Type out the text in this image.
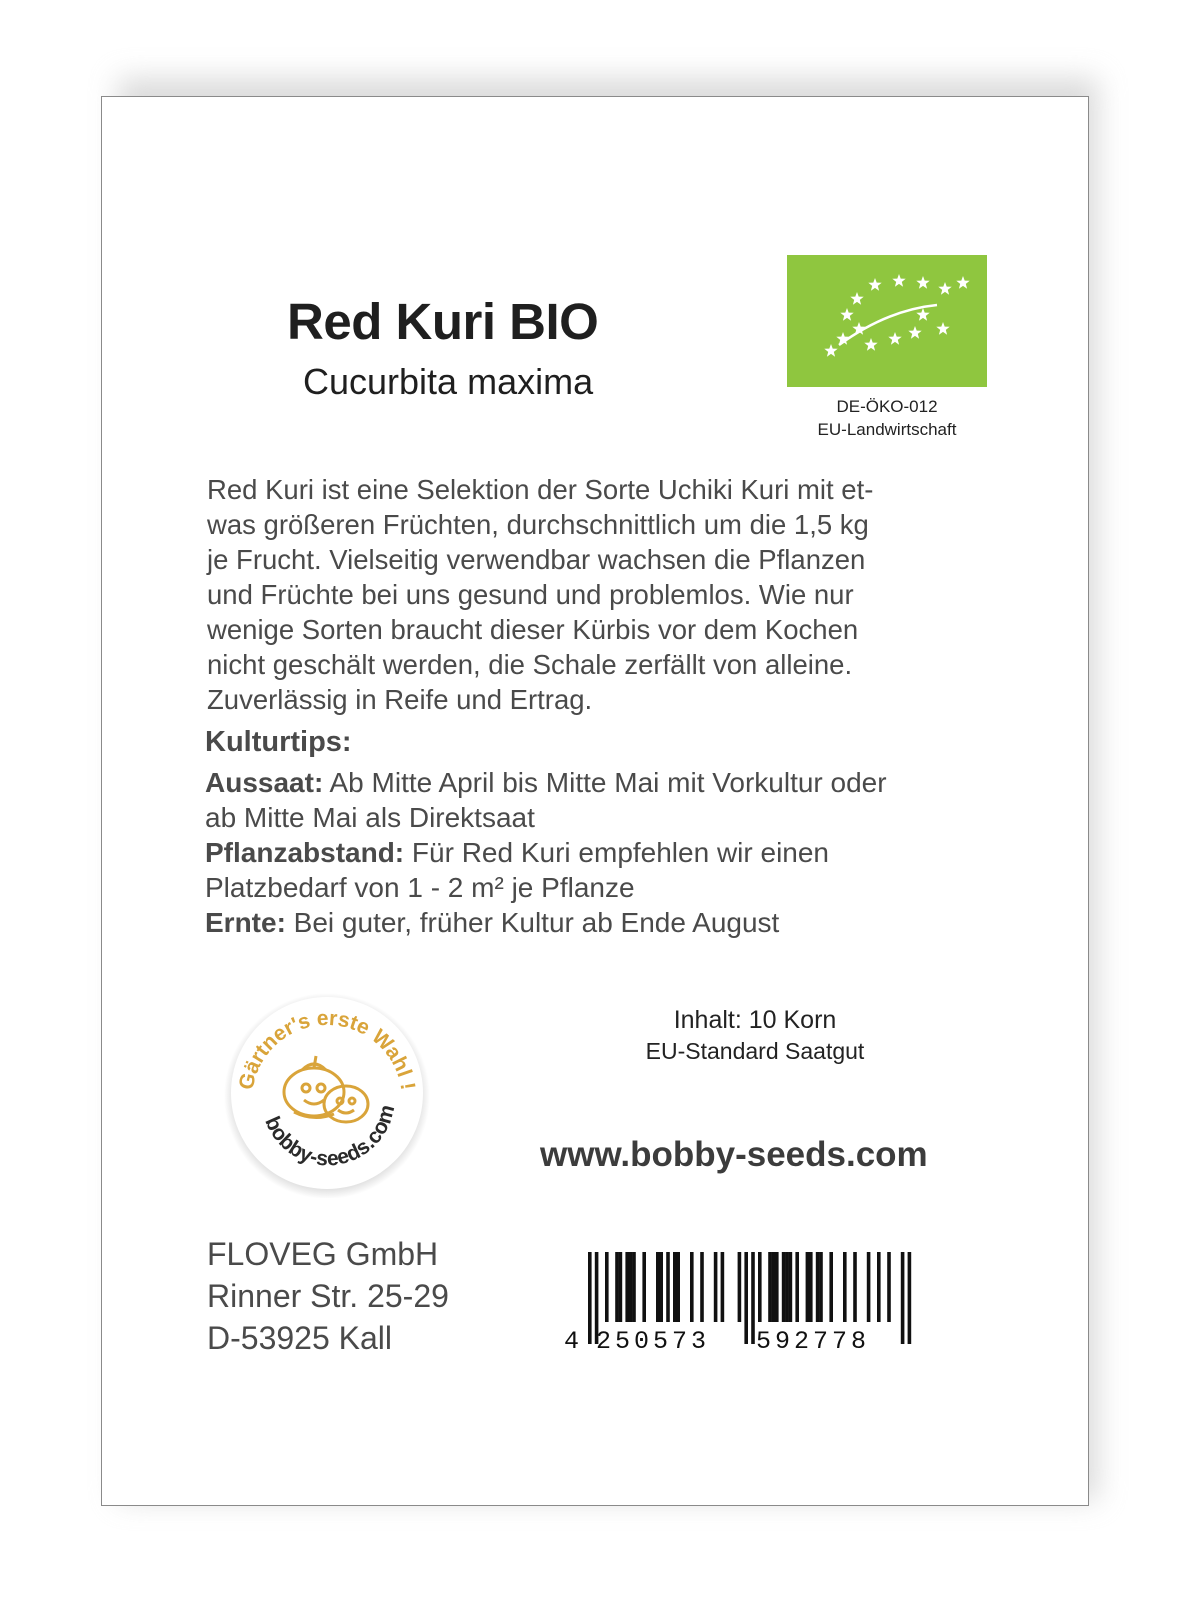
Red Kuri BIO
Cucurbita maxima
DE-ÖKO-012
EU-Landwirtschaft
Red Kuri ist eine Selektion der Sorte Uchiki Kuri mit et-
was größeren Früchten, durchschnittlich um die 1,5 kg
je Frucht. Vielseitig verwendbar wachsen die Pflanzen
und Früchte bei uns gesund und problemlos. Wie nur
wenige Sorten braucht dieser Kürbis vor dem Kochen
nicht geschält werden, die Schale zerfällt von alleine.
Zuverlässig in Reife und Ertrag.
Kulturtips:
Aussaat: Ab Mitte April bis Mitte Mai mit Vorkultur oder
ab Mitte Mai als Direktsaat
Pflanzabstand: Für Red Kuri empfehlen wir einen
Platzbedarf von 1 - 2 m² je Pflanze
Ernte: Bei guter, früher Kultur ab Ende August
Gärtner's erste Wahl !
bobby-seeds.com
Inhalt: 10 Korn
EU-Standard Saatgut
www.bobby-seeds.com
FLOVEG GmbH
Rinner Str. 25-29
D-53925 Kall	4 250573 592778
